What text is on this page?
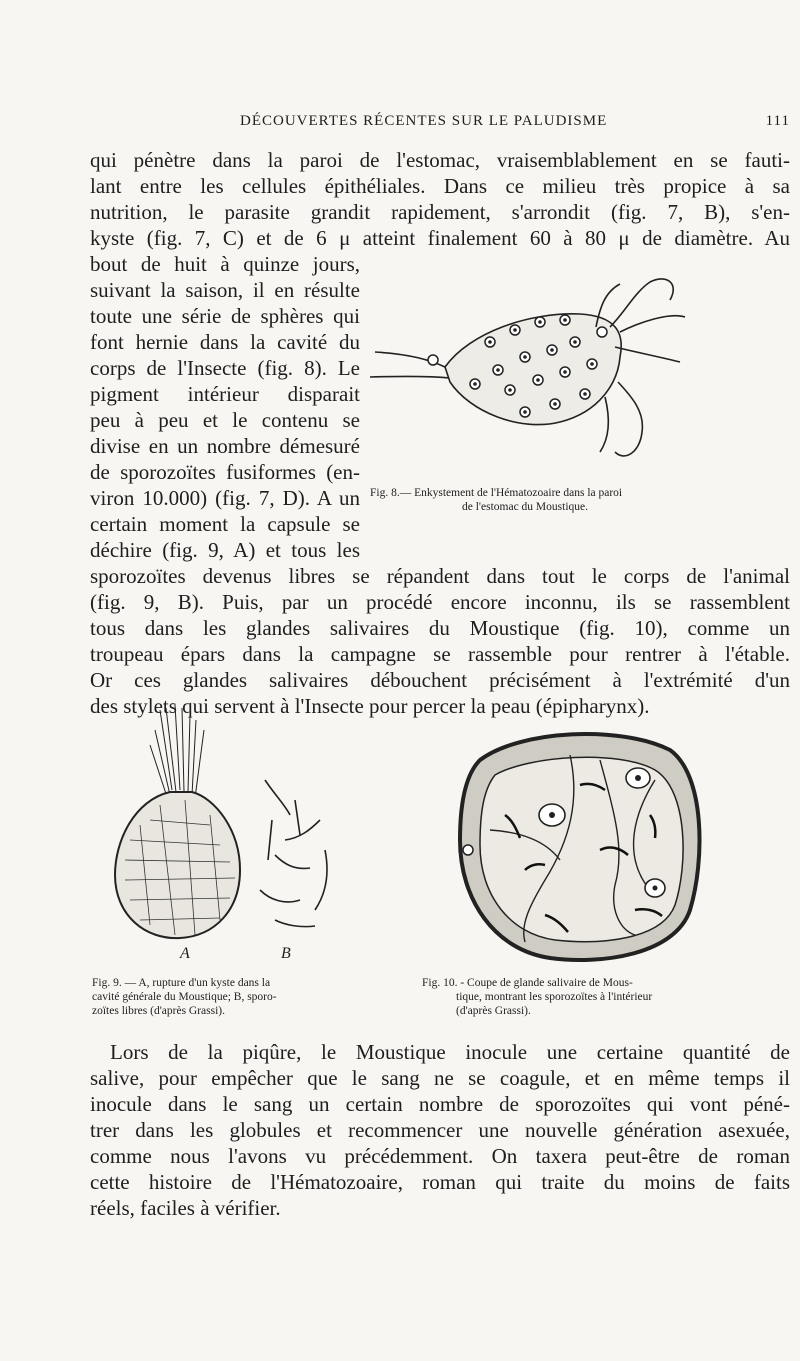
DÉCOUVERTES RÉCENTES SUR LE PALUDISME	111
qui pénètre dans la paroi de l'estomac, vraisemblablement en se fauti-
lant entre les cellules épithéliales. Dans ce milieu très propice à sa
nutrition, le parasite grandit rapidement, s'arrondit (fig. 7, B), s'en-
kyste (fig. 7, C) et de 6 μ atteint finalement 60 à 80 μ de diamètre. Au
bout de huit à quinze jours,
suivant la saison, il en résulte
toute une série de sphères qui
font hernie dans la cavité du
corps de l'Insecte (fig. 8). Le
pigment intérieur disparait
peu à peu et le contenu se
divise en un nombre démesuré
de sporozoïtes fusiformes (en-
viron 10.000) (fig. 7, D). A un
certain moment la capsule se
déchire (fig. 9, A) et tous les
sporozoïtes devenus libres se répandent dans tout le corps de l'animal
(fig. 9, B). Puis, par un procédé encore inconnu, ils se rassemblent
tous dans les glandes salivaires du Moustique (fig. 10), comme un
troupeau épars dans la campagne se rassemble pour rentrer à l'étable.
Or ces glandes salivaires débouchent précisément à l'extrémité d'un
des stylets qui servent à l'Insecte pour percer la peau (épipharynx).
Fig. 8.— Enkystement de l'Hématozoaire dans la paroi
de l'estomac du Moustique.
A	B
Fig. 9. — A, rupture d'un kyste dans la
cavité générale du Moustique; B, sporo-
zoïtes libres (d'après Grassi).
Fig. 10. - Coupe de glande salivaire de Mous-
tique, montrant les sporozoïtes à l'intérieur
(d'après Grassi).
Lors de la piqûre, le Moustique inocule une certaine quantité de
salive, pour empêcher que le sang ne se coagule, et en même temps il
inocule dans le sang un certain nombre de sporozoïtes qui vont péné-
trer dans les globules et recommencer une nouvelle génération asexuée,
comme nous l'avons vu précédemment. On taxera peut-être de roman
cette histoire de l'Hématozoaire, roman qui traite du moins de faits
réels, faciles à vérifier.
